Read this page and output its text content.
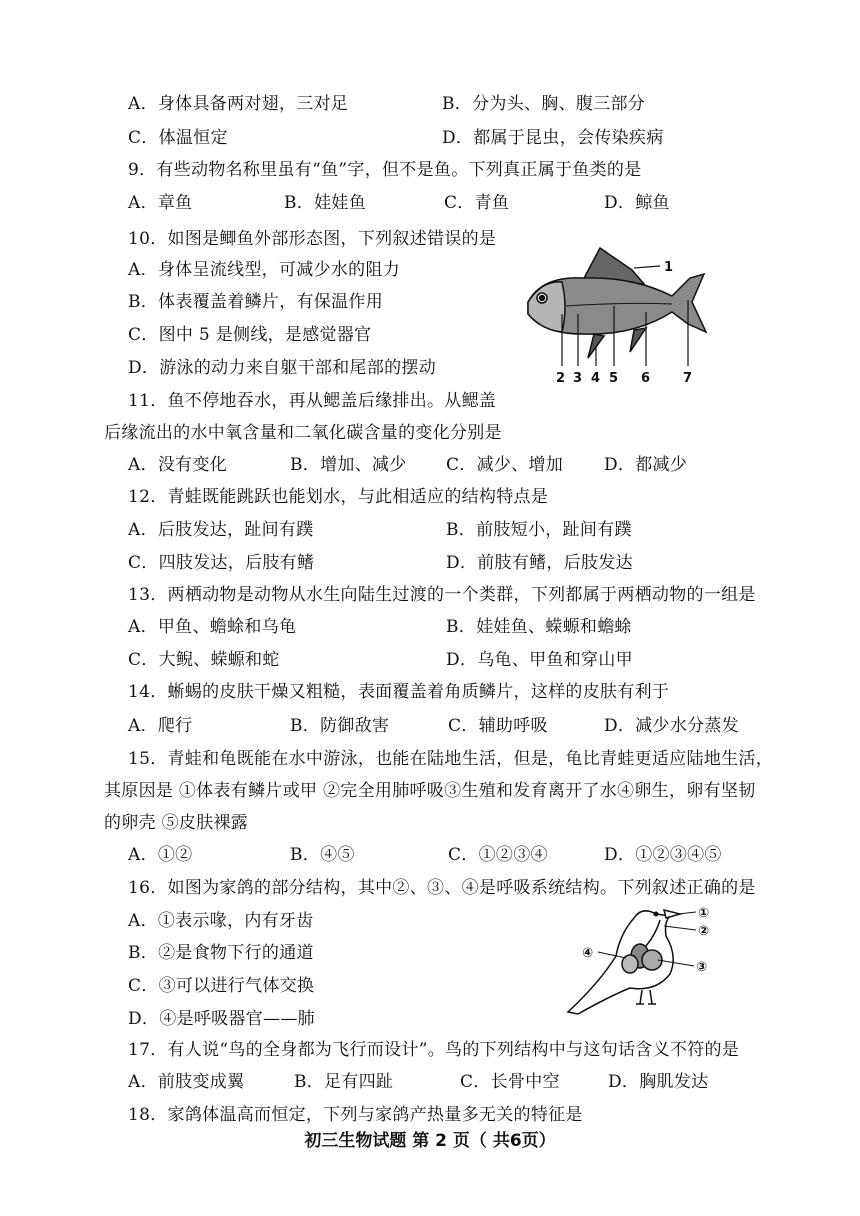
A．身体具备两对翅，三对足	B．分为头、胸、腹三部分
C．体温恒定	D．都属于昆虫，会传染疾病
9．有些动物名称里虽有“鱼”字，但不是鱼。下列真正属于鱼类的是
A．章鱼	B．娃娃鱼	C．青鱼	D．鲸鱼
10．如图是鲫鱼外部形态图，下列叙述错误的是
A．身体呈流线型，可减少水的阻力
B．体表覆盖着鳞片，有保温作用
C．图中 5 是侧线，是感觉器官
D．游泳的动力来自躯干部和尾部的摆动
1
2 3 4 5 6	7
11．鱼不停地吞水，再从鳃盖后缘排出。从鳃盖
后缘流出的水中氧含量和二氧化碳含量的变化分别是
A．没有变化	B．增加、减少 C．减少、增加 D．都减少
12．青蛙既能跳跃也能划水，与此相适应的结构特点是
A．后肢发达，趾间有蹼	B．前肢短小，趾间有蹼
C．四肢发达，后肢有鳍	D．前肢有鳍，后肢发达
13．两栖动物是动物从水生向陆生过渡的一个类群，下列都属于两栖动物的一组是
A．甲鱼、蟾蜍和乌龟	B．娃娃鱼、蝾螈和蟾蜍
C．大鲵、蝾螈和蛇	D．乌龟、甲鱼和穿山甲
14．蜥蜴的皮肤干燥又粗糙，表面覆盖着角质鳞片，这样的皮肤有利于
A．爬行	B．防御敌害	C．辅助呼吸	D．减少水分蒸发
15．青蛙和龟既能在水中游泳，也能在陆地生活，但是，龟比青蛙更适应陆地生活，
其原因是 ①体表有鳞片或甲 ②完全用肺呼吸③生殖和发育离开了水④卵生，卵有坚韧
的卵壳 ⑤皮肤裸露
A．①②	B．④⑤	C．①②③④	D．①②③④⑤
16．如图为家鸽的部分结构，其中②、③、④是呼吸系统结构。下列叙述正确的是
A．①表示喙，内有牙齿
B．②是食物下行的通道
C．③可以进行气体交换
D．④是呼吸器官——肺
①
②
③
④
17．有人说“鸟的全身都为飞行而设计”。鸟的下列结构中与这句话含义不符的是
A．前肢变成翼	B．足有四趾	C．长骨中空	D．胸肌发达
18．家鸽体温高而恒定，下列与家鸽产热量多无关的特征是
初三生物试题 第 2 页（ 共6页）
